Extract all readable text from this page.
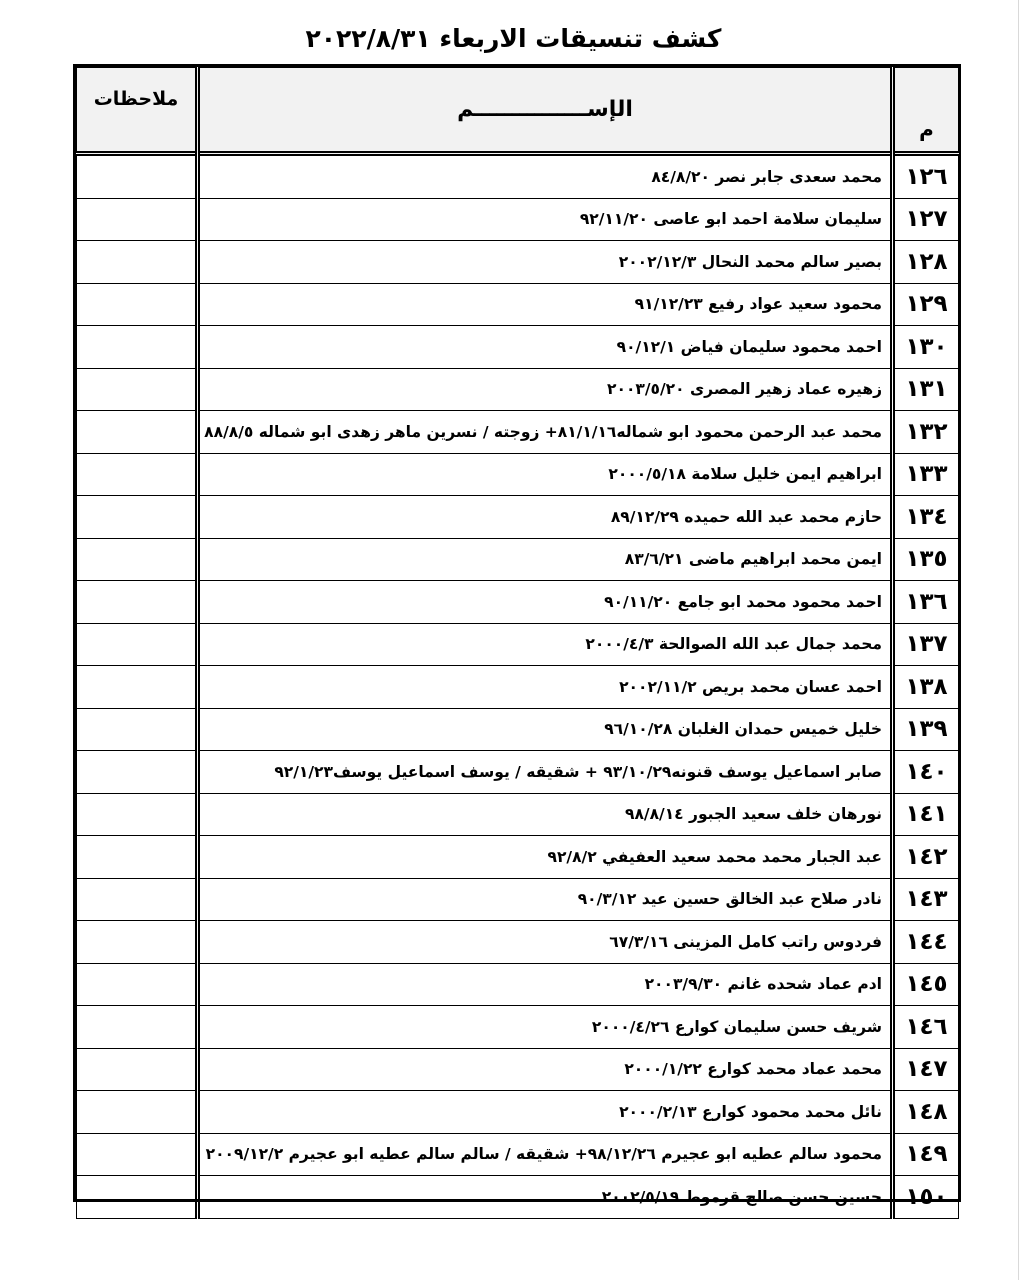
كشف تنسيقات الاربعاء ٢٠٢٢/٨/٣١
م	الإســـــــــــــــم	ملاحظات
١٢٦	محمد سعدى جابر نصر ٨٤/٨/٢٠	
١٢٧	سليمان سلامة احمد ابو عاصى ٩٢/١١/٢٠	
١٢٨	بصير سالم محمد النحال ٢٠٠٢/١٢/٣	
١٢٩	محمود سعيد عواد رفيع ٩١/١٢/٢٣	
١٣٠	احمد محمود سليمان فياض ٩٠/١٢/١	
١٣١	زهيره عماد زهير المصرى ٢٠٠٣/٥/٢٠	
١٣٢	محمد عبد الرحمن محمود ابو شماله٨١/١/١٦+ زوجته / نسرين ماهر زهدى ابو شماله ٨٨/٨/٥	
١٣٣	ابراهيم ايمن خليل سلامة ٢٠٠٠/٥/١٨	
١٣٤	حازم محمد عبد الله حميده ٨٩/١٢/٢٩	
١٣٥	ايمن محمد ابراهيم ماضى ٨٣/٦/٢١	
١٣٦	احمد محمود محمد ابو جامع ٩٠/١١/٢٠	
١٣٧	محمد جمال عبد الله الصوالحة ٢٠٠٠/٤/٣	
١٣٨	احمد عسان محمد بريص ٢٠٠٢/١١/٢	
١٣٩	خليل خميس حمدان الغلبان ٩٦/١٠/٢٨	
١٤٠	صابر اسماعيل يوسف قنونه٩٣/١٠/٢٩ + شقيقه / يوسف اسماعيل يوسف٩٢/١/٢٣	
١٤١	نورهان خلف سعيد الجبور ٩٨/٨/١٤	
١٤٢	عبد الجبار محمد محمد سعيد العفيفي ٩٢/٨/٢	
١٤٣	نادر صلاح عبد الخالق حسين عيد ٩٠/٣/١٢	
١٤٤	فردوس راتب كامل المزينى ٦٧/٣/١٦	
١٤٥	ادم عماد شحده غانم ٢٠٠٣/٩/٣٠	
١٤٦	شريف حسن سليمان كوارع ٢٠٠٠/٤/٢٦	
١٤٧	محمد عماد محمد كوارع ٢٠٠٠/١/٢٢	
١٤٨	نائل محمد محمود كوارع ٢٠٠٠/٢/١٣	
١٤٩	محمود سالم عطيه ابو عجيرم ٩٨/١٢/٢٦+ شقيقه / سالم سالم عطيه ابو عجيرم ٢٠٠٩/١٢/٢	
١٥٠	حسين حسن صالح قرموط ٢٠٠٢/٥/١٩	
